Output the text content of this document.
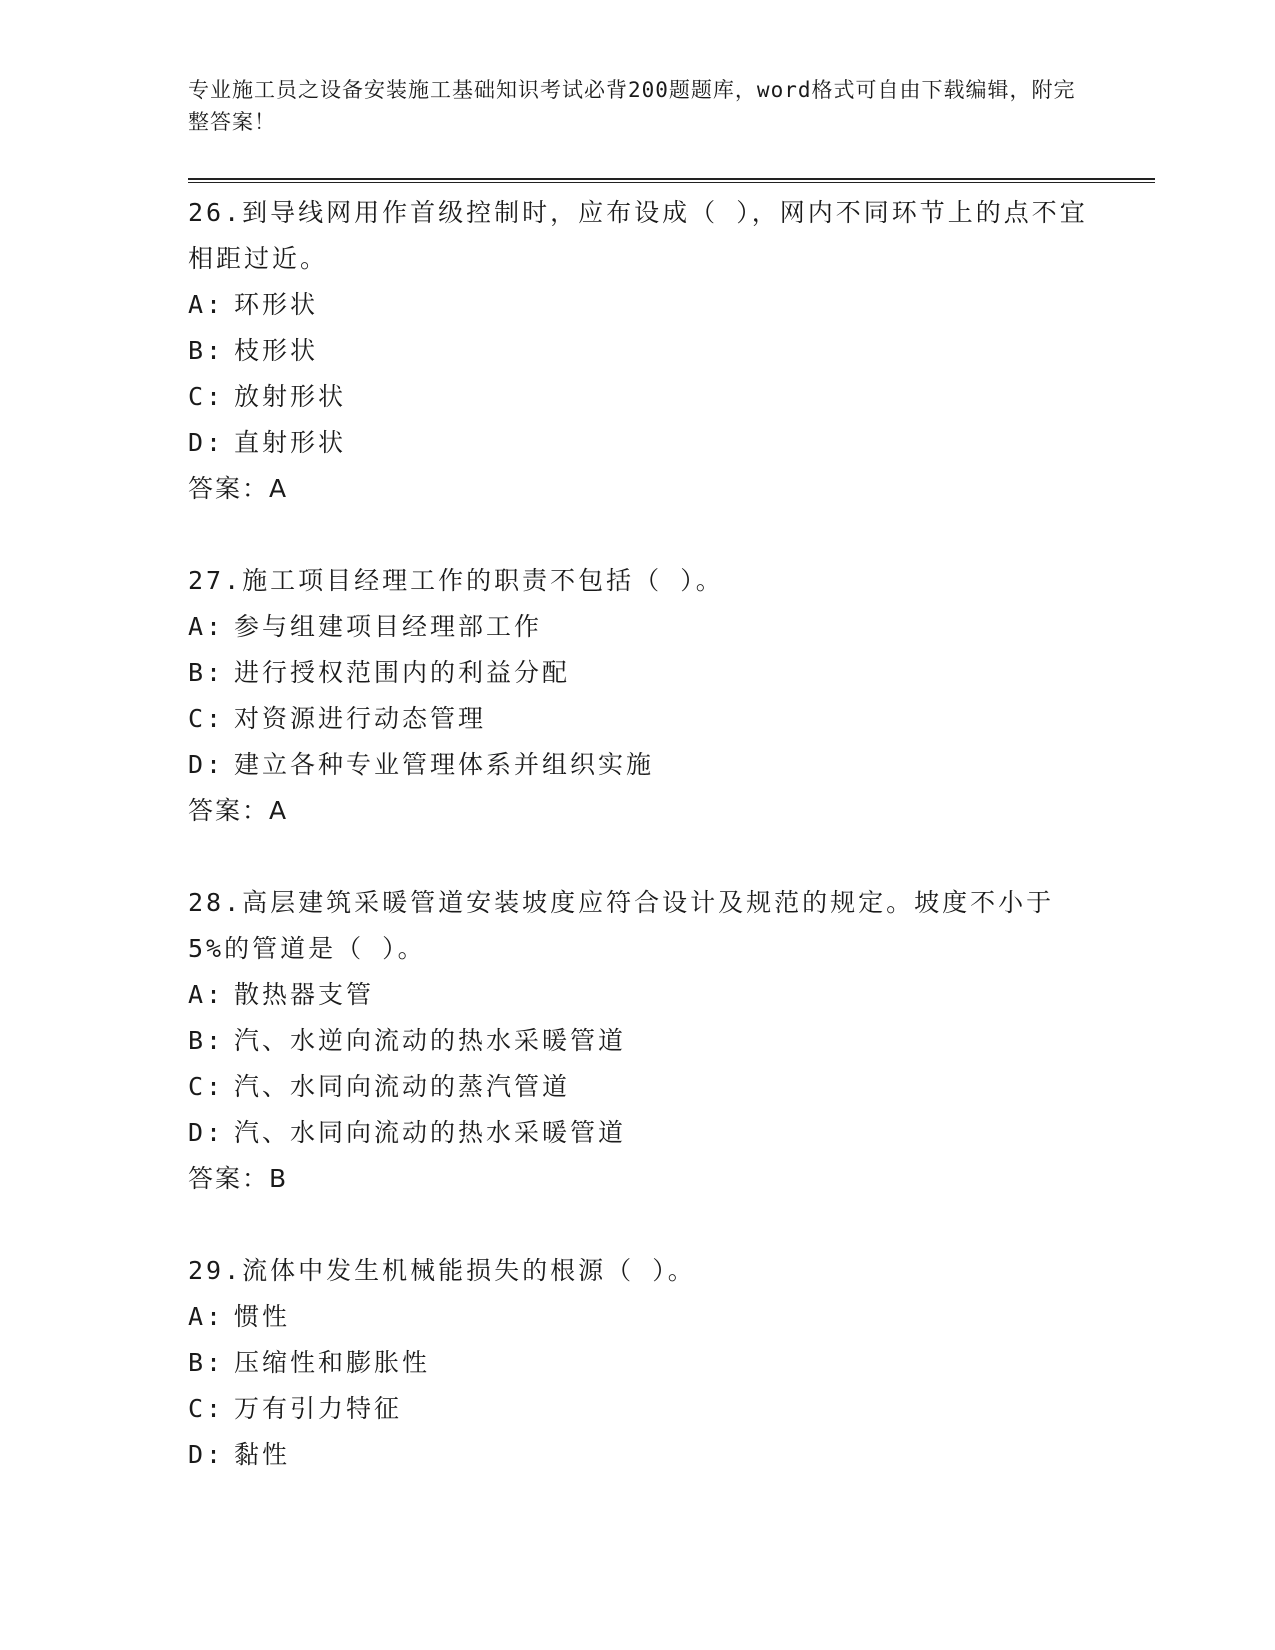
专业施工员之设备安装施工基础知识考试必背200题题库，word格式可自由下载编辑，附完整答案！
26.到导线网用作首级控制时，应布设成（ ），网内不同环节上的点不宜相距过近。
A: 环形状
B: 枝形状
C: 放射形状
D: 直射形状
答案：A
27.施工项目经理工作的职责不包括（ ）。
A: 参与组建项目经理部工作
B: 进行授权范围内的利益分配
C: 对资源进行动态管理
D: 建立各种专业管理体系并组织实施
答案：A
28.高层建筑采暖管道安装坡度应符合设计及规范的规定。坡度不小于5%的管道是（ ）。
A: 散热器支管
B: 汽、水逆向流动的热水采暖管道
C: 汽、水同向流动的蒸汽管道
D: 汽、水同向流动的热水采暖管道
答案：B
29.流体中发生机械能损失的根源（ ）。
A: 惯性
B: 压缩性和膨胀性
C: 万有引力特征
D: 黏性
